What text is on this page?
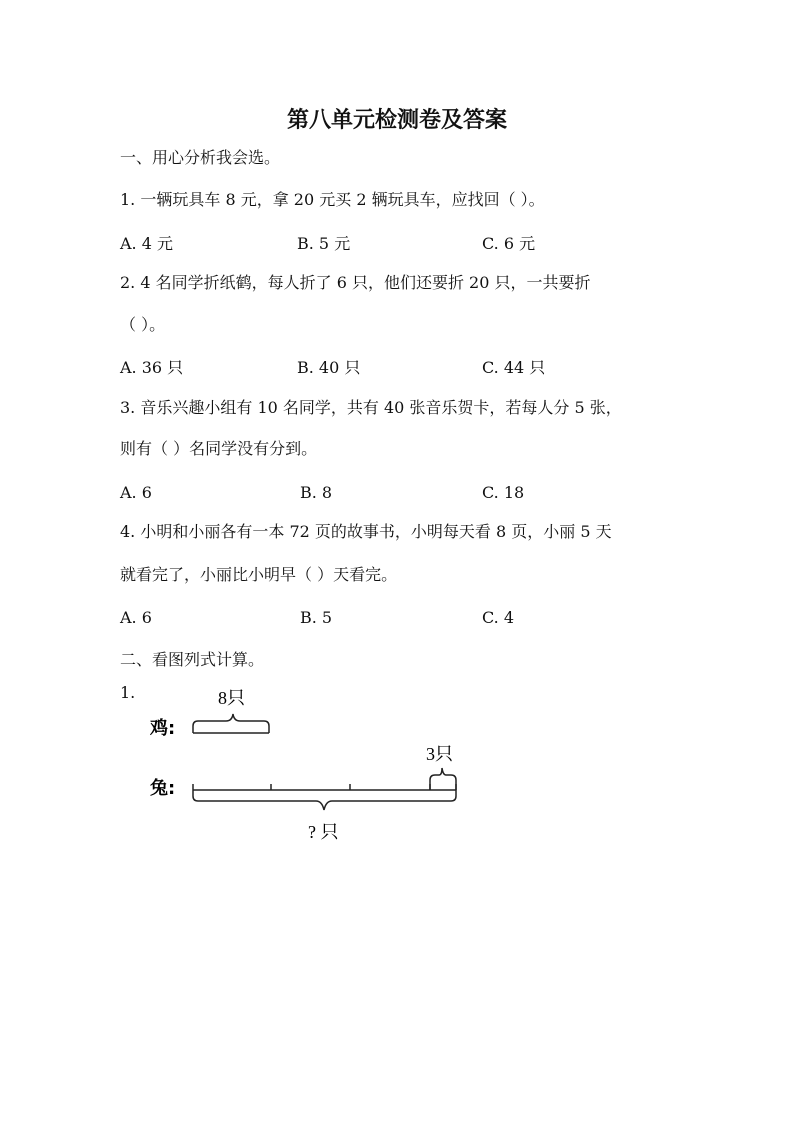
第八单元检测卷及答案
一、用心分析我会选。
1. 一辆玩具车 8 元，拿 20 元买 2 辆玩具车，应找回（ ）。
A. 4 元	B. 5 元	C. 6 元
2. 4 名同学折纸鹤，每人折了 6 只，他们还要折 20 只，一共要折
（ ）。
A. 36 只	B. 40 只	C. 44 只
3. 音乐兴趣小组有 10 名同学，共有 40 张音乐贺卡，若每人分 5 张，
则有（ ）名同学没有分到。
A. 6	B. 8	C. 18
4. 小明和小丽各有一本 72 页的故事书，小明每天看 8 页，小丽 5 天
就看完了，小丽比小明早（ ）天看完。
A. 6	B. 5	C. 4
二、看图列式计算。
1.	8只
鸡:
3只
兔:
? 只
